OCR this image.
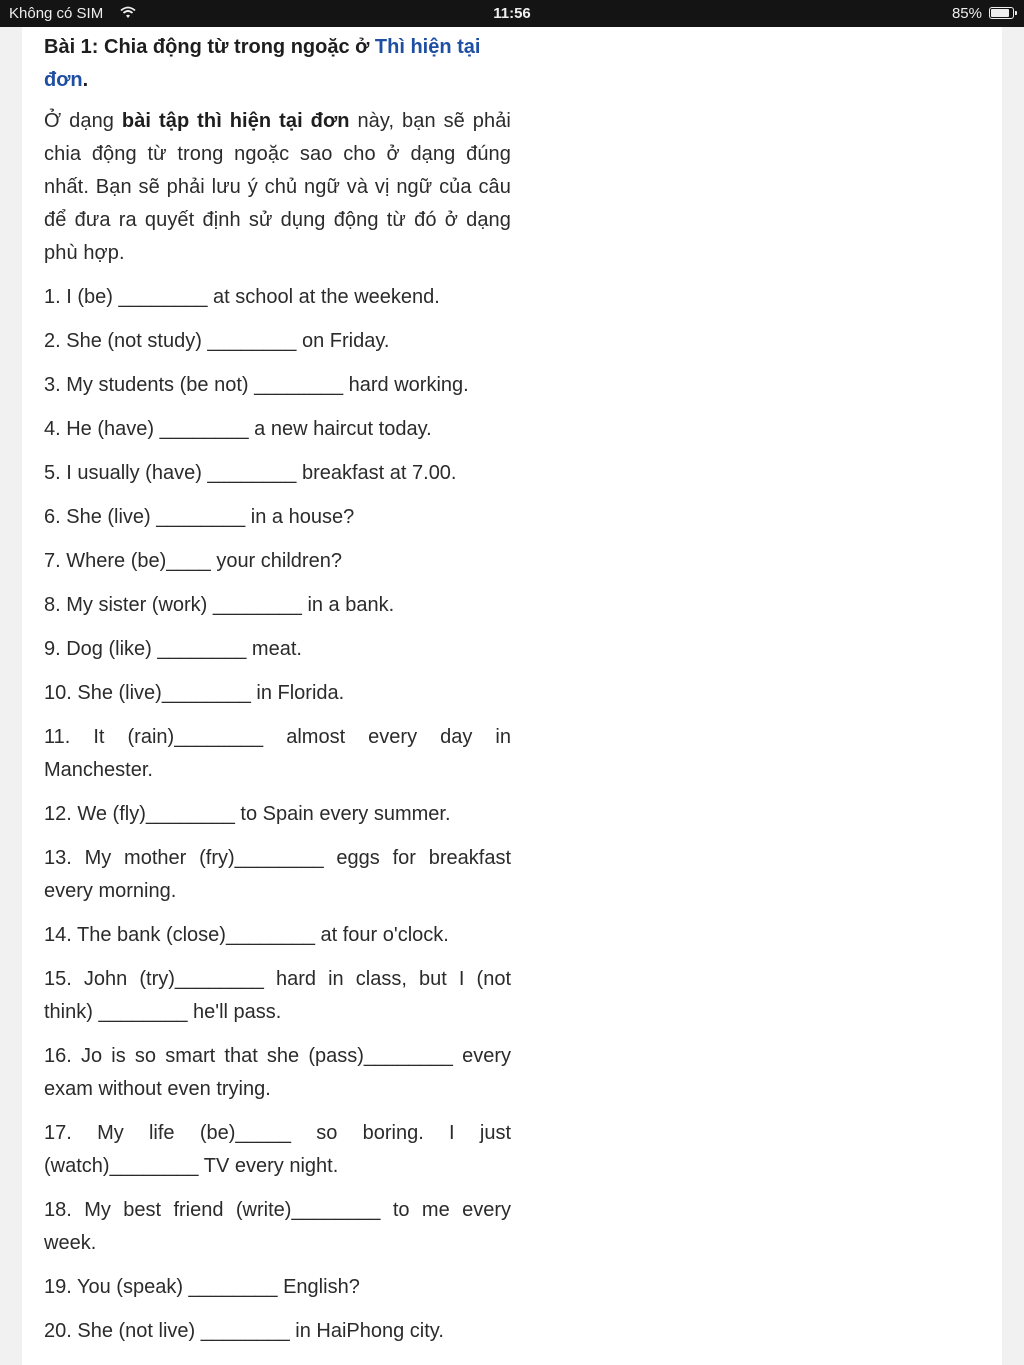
Không có SIM	11:56	85%

Bài 1: Chia động từ trong ngoặc ở Thì hiện tại đơn.

Ở dạng bài tập thì hiện tại đơn này, bạn sẽ phải chia động từ trong ngoặc sao cho ở dạng đúng nhất. Bạn sẽ phải lưu ý chủ ngữ và vị ngữ của câu để đưa ra quyết định sử dụng động từ đó ở dạng phù hợp.

1. I (be) ________ at school at the weekend.

2. She (not study) ________ on Friday.

3. My students (be not) ________ hard working.

4. He (have) ________ a new haircut today.

5. I usually (have) ________ breakfast at 7.00.

6. She (live) ________ in a house?

7. Where (be)____ your children?

8. My sister (work) ________ in a bank.

9. Dog (like) ________ meat.

10. She (live)________ in Florida.

11. It (rain)________ almost every day in Manchester.

12. We (fly)________ to Spain every summer.

13. My mother (fry)________ eggs for breakfast every morning.

14. The bank (close)________ at four o'clock.

15. John (try)________ hard in class, but I (not think) ________ he'll pass.

16. Jo is so smart that she (pass)________ every exam without even trying.

17. My life (be)_____ so boring. I just (watch)________ TV every night.

18. My best friend (write)________ to me every week.

19. You (speak) ________ English?

20. She (not live) ________ in HaiPhong city.
